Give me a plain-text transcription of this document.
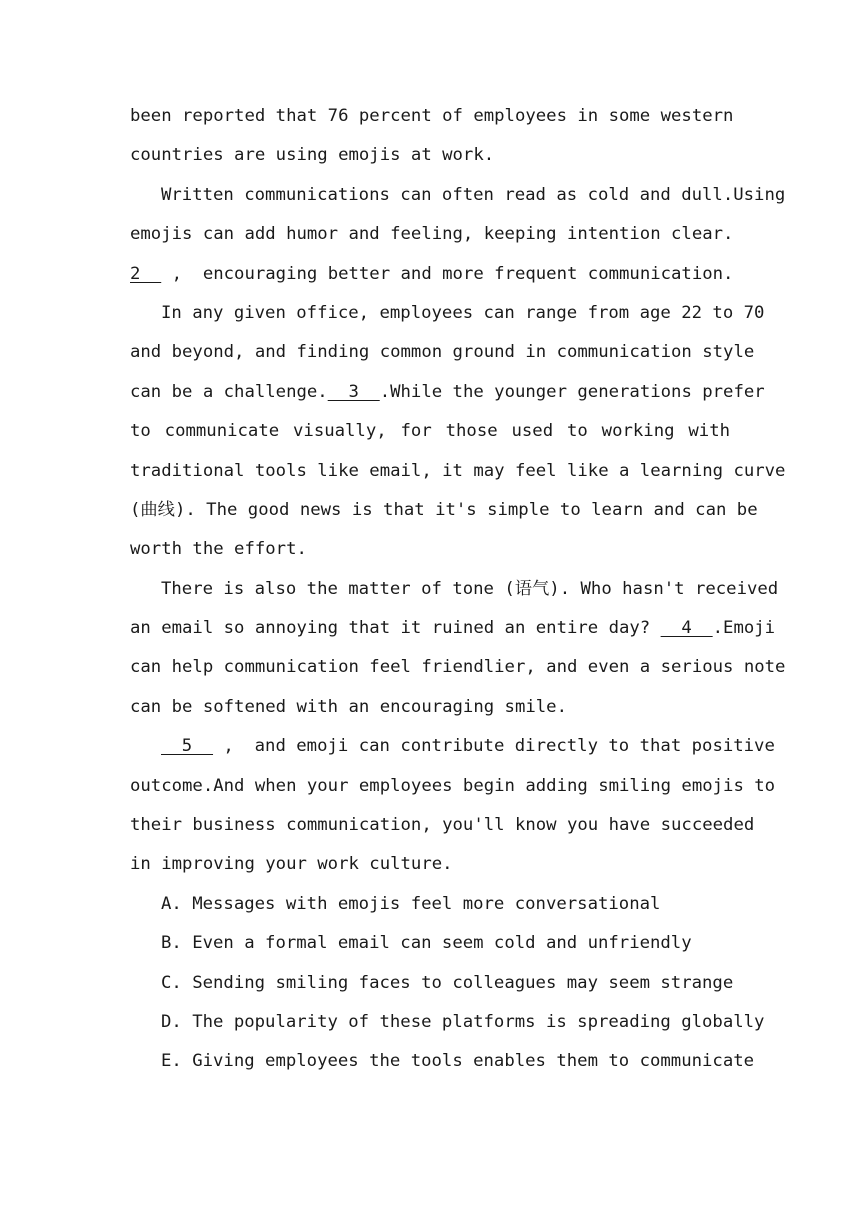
been reported that 76 percent of employees in some western
countries are using emojis at work.
Written communications can often read as cold and dull.Using
emojis can add humor and feeling, keeping intention clear.
2   ,  encouraging better and more frequent communication.
In any given office, employees can range from age 22 to 70
and beyond, and finding common ground in communication style
can be a challenge.  3  .While the younger generations prefer
to communicate visually, for those used to working with
traditional tools like email, it may feel like a learning curve
(曲线). The good news is that it's simple to learn and can be
worth the effort.
There is also the matter of tone (语气). Who hasn't received
an email so annoying that it ruined an entire day?   4  .Emoji
can help communication feel friendlier, and even a serious note
can be softened with an encouraging smile.
5   ,  and emoji can contribute directly to that positive
outcome.And when your employees begin adding smiling emojis to
their business communication, you'll know you have succeeded
in improving your work culture.
A. Messages with emojis feel more conversational
B. Even a formal email can seem cold and unfriendly
C. Sending smiling faces to colleagues may seem strange
D. The popularity of these platforms is spreading globally
E. Giving employees the tools enables them to communicate
